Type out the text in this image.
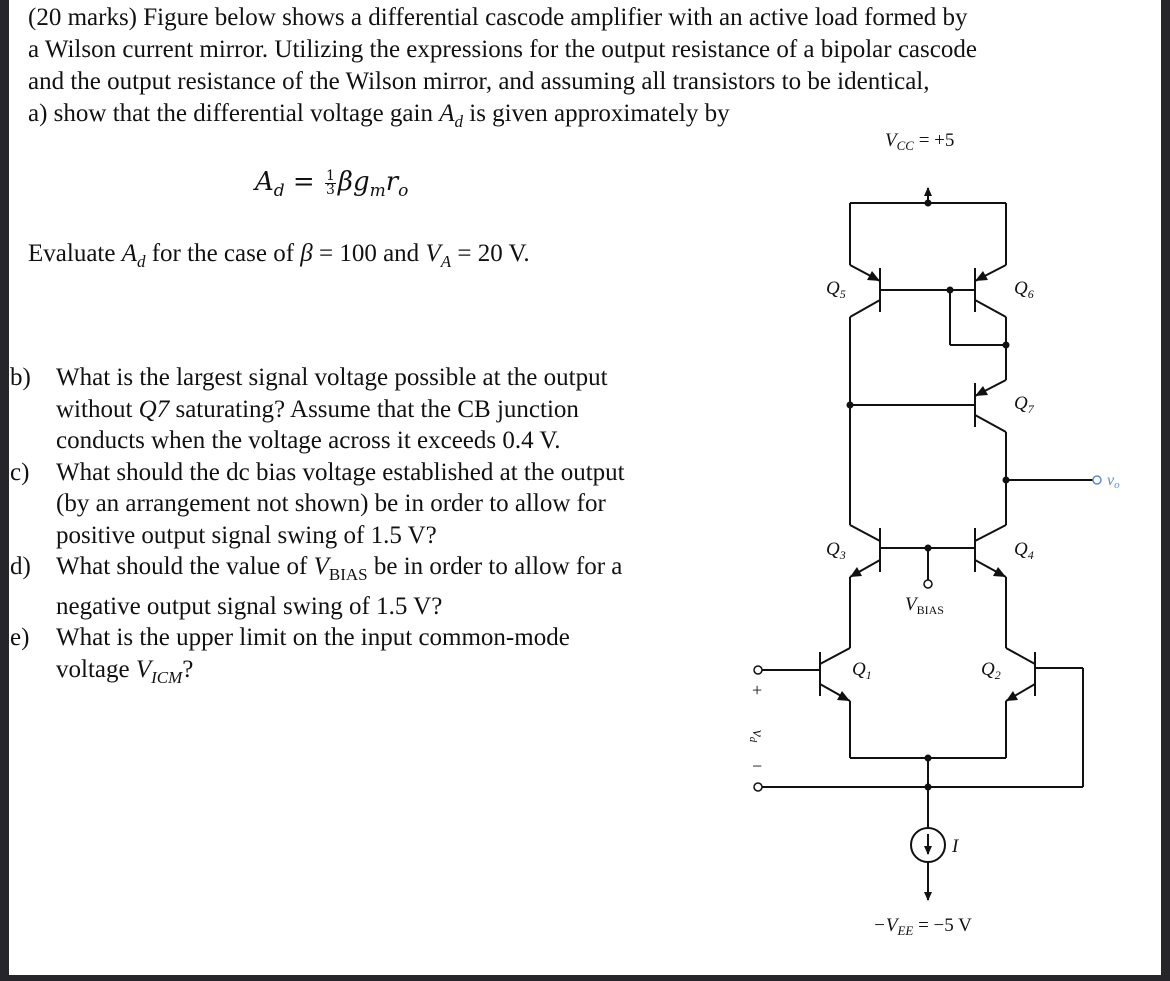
(20 marks) Figure below shows a differential cascode amplifier with an active load formed by

a Wilson current mirror. Utilizing the expressions for the output resistance of a bipolar cascode

and the output resistance of the Wilson mirror, and assuming all transistors to be identical,

a) show that the differential voltage gain $A_d$ is given approximately by

$A_d = \frac{1}{3}\beta g_mr_o$
Evaluate $A_d$ for the case of β = 100 and $V_A = 20$ V.
b)	What is the largest signal voltage possible at the output
without Q7 saturating? Assume that the CB junction
conducts when the voltage across it exceeds 0.4 V.
c)	What should the dc bias voltage established at the output
(by an arrangement not shown) be in order to allow for
positive output signal swing of 1.5 V?
d)	What should the value of $V_{BIAS}$ be in order to allow for a
negative output signal swing of 1.5 V?
e)	What is the upper limit on the input common-mode
voltage $V_{ICM}$?
$V_{CC} = +5$
$Q_5$	$Q_6$
$Q_7$
$Q_3$	$Q_4$
$V_{BIAS}$
$Q_1$	$Q_2$
vo
+
−
vd
I
$-V_{EE} = -5$ V
